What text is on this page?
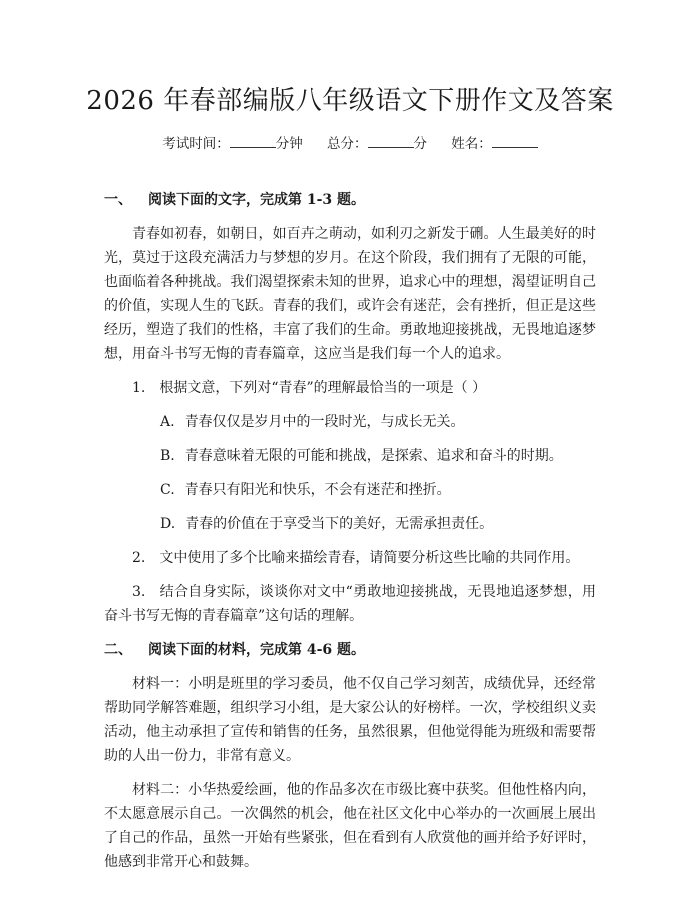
2026 年春部编版八年级语文下册作文及答案
考试时间：	分钟 总分：	分 姓名：
一、 阅读下面的文字，完成第 1-3 题。

青春如初春，如朝日，如百卉之萌动，如利刃之新发于硎。人生最美好的时光，莫过于这段充满活力与梦想的岁月。在这个阶段，我们拥有了无限的可能，也面临着各种挑战。我们渴望探索未知的世界，追求心中的理想，渴望证明自己的价值，实现人生的飞跃。青春的我们，或许会有迷茫，会有挫折，但正是这些经历，塑造了我们的性格，丰富了我们的生命。勇敢地迎接挑战，无畏地追逐梦想，用奋斗书写无悔的青春篇章，这应当是我们每一个人的追求。

1. 根据文意，下列对“青春”的理解最恰当的一项是（ ）

A. 青春仅仅是岁月中的一段时光，与成长无关。
B. 青春意味着无限的可能和挑战，是探索、追求和奋斗的时期。
C. 青春只有阳光和快乐，不会有迷茫和挫折。
D. 青春的价值在于享受当下的美好，无需承担责任。

2. 文中使用了多个比喻来描绘青春，请简要分析这些比喻的共同作用。

3. 结合自身实际，谈谈你对文中“勇敢地迎接挑战，无畏地追逐梦想，用奋斗书写无悔的青春篇章”这句话的理解。

二、 阅读下面的材料，完成第 4-6 题。

材料一：小明是班里的学习委员，他不仅自己学习刻苦，成绩优异，还经常帮助同学解答难题，组织学习小组，是大家公认的好榜样。一次，学校组织义卖活动，他主动承担了宣传和销售的任务，虽然很累，但他觉得能为班级和需要帮助的人出一份力，非常有意义。

材料二：小华热爱绘画，他的作品多次在市级比赛中获奖。但他性格内向，不太愿意展示自己。一次偶然的机会，他在社区文化中心举办的一次画展上展出了自己的作品，虽然一开始有些紧张，但在看到有人欣赏他的画并给予好评时，他感到非常开心和鼓舞。
